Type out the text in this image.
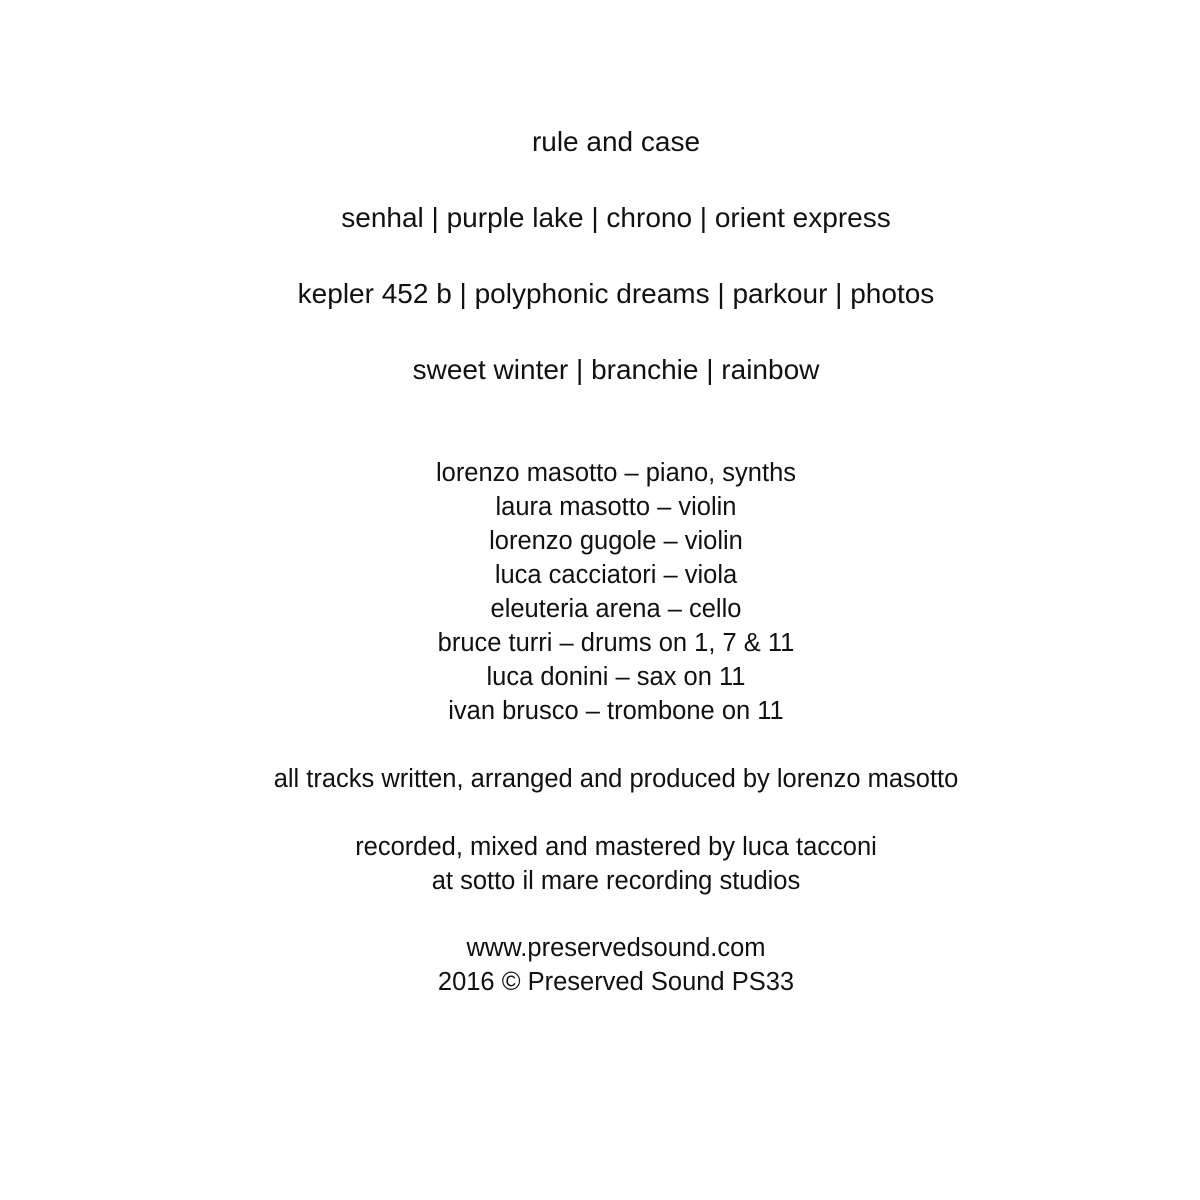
rule and case
senhal | purple lake | chrono | orient express
kepler 452 b | polyphonic dreams | parkour | photos
sweet winter | branchie | rainbow
lorenzo masotto – piano, synths
laura masotto – violin
lorenzo gugole – violin
luca cacciatori – viola
eleuteria arena – cello
bruce turri – drums on 1, 7 & 11
luca donini – sax on 11
ivan brusco – trombone on 11
all tracks written, arranged and produced by lorenzo masotto
recorded, mixed and mastered by luca tacconi
at sotto il mare recording studios
www.preservedsound.com
2016 © Preserved Sound PS33
